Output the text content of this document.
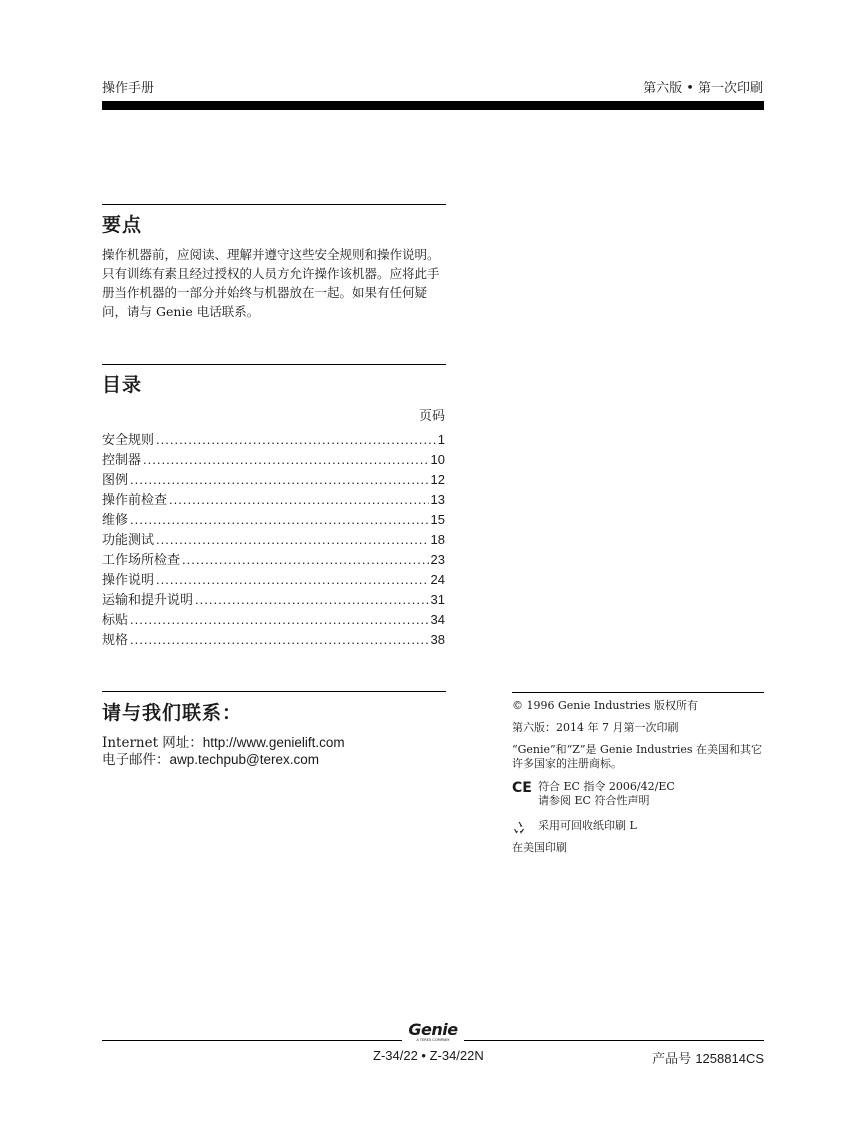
操作手册	第六版 • 第一次印刷
要点
操作机器前，应阅读、理解并遵守这些安全规则和操作说明。只有训练有素且经过授权的人员方允许操作该机器。应将此手册当作机器的一部分并始终与机器放在一起。如果有任何疑问，请与 Genie 电话联系。
目录
页码
安全规则 .....	1
控制器 .....	10
图例 .....	12
操作前检查 .....	13
维修 .....	15
功能测试 .....	18
工作场所检查 .....	23
操作说明 .....	24
运输和提升说明 .....	31
标贴 .....	34
规格 .....	38
请与我们联系：
Internet 网址：http://www.genielift.com
电子邮件：awp.techpub@terex.com
© 1996 Genie Industries 版权所有
第六版：2014 年 7 月第一次印刷
“Genie”和“Z”是 Genie Industries 在美国和其它许多国家的注册商标。
CE 符合 EC 指令 2006/42/EC
请参阅 EC 符合性声明
采用可回收纸印刷 L
在美国印刷
Genie
A TEREX COMPANY
Z-34/22 • Z-34/22N	产品号 1258814CS
